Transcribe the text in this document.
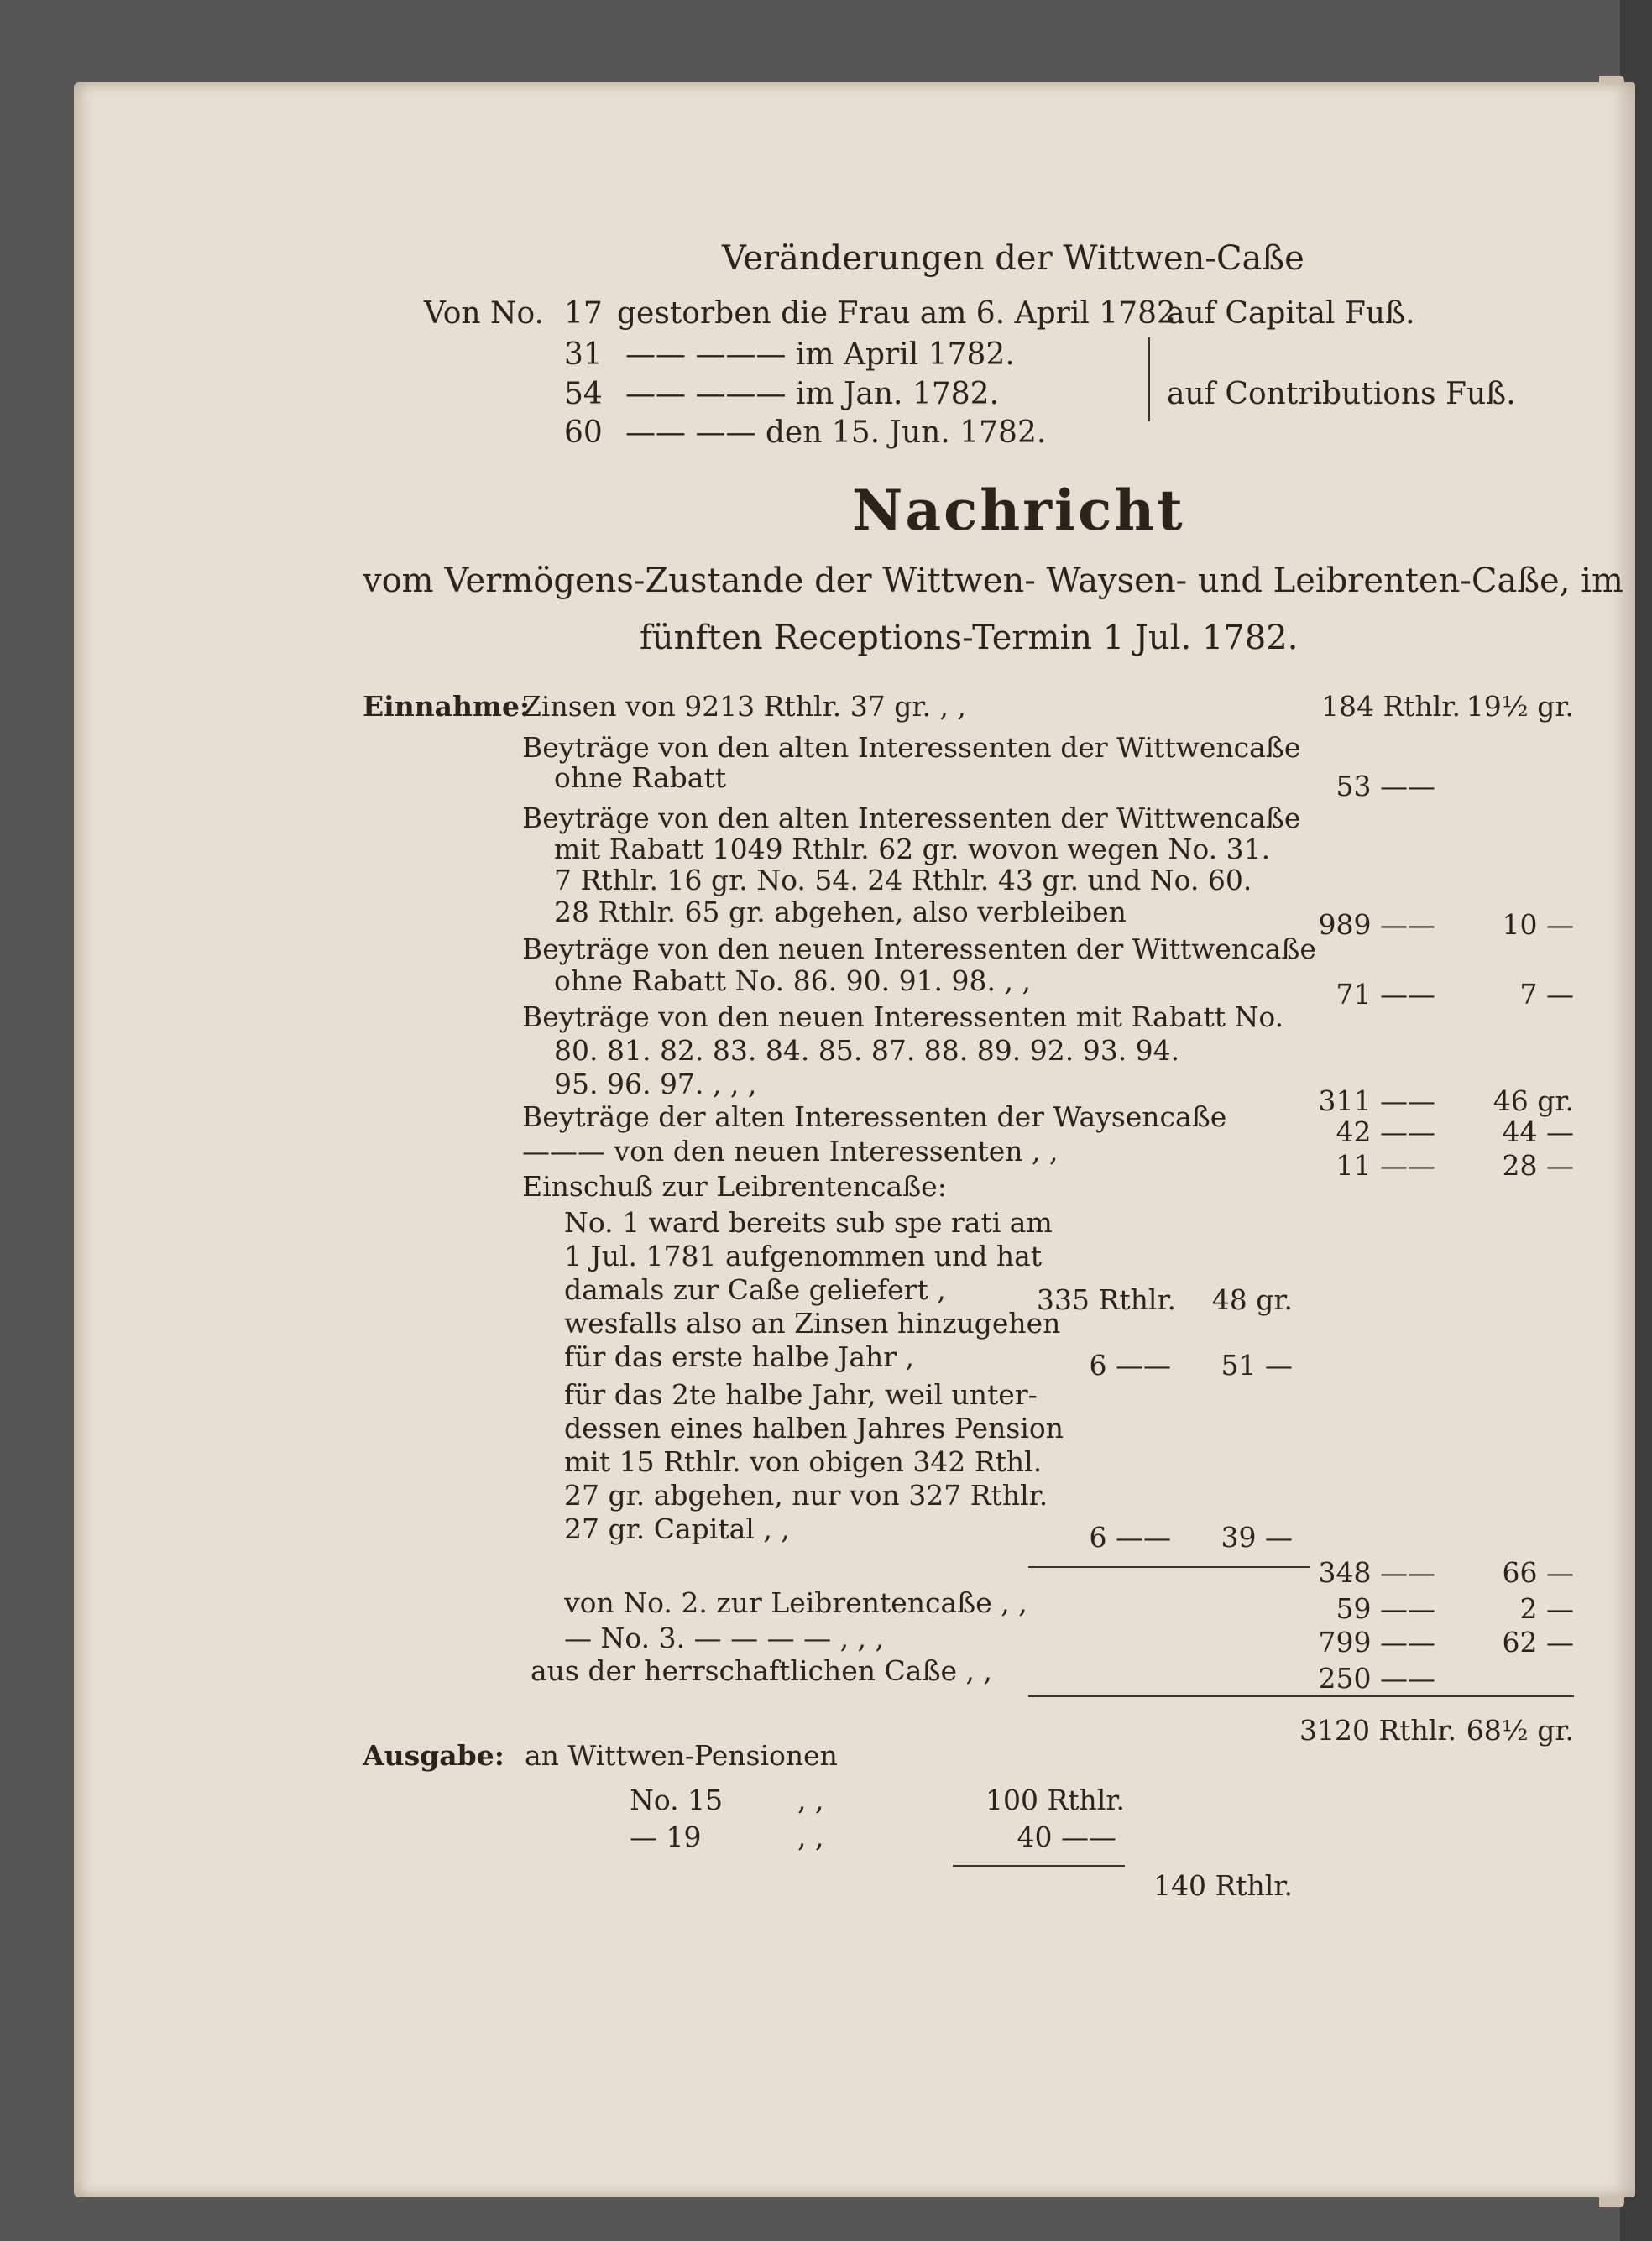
Veränderungen der Wittwen-Caße
Von No. 17 gestorben die Frau am 6. April 1782.
auf Capital Fuß.
31 —— ——— im April 1782.
54 —— ——— im Jan. 1782.	auf Contributions Fuß.
60 —— —— den 15. Jun. 1782.
Nachricht
vom Vermögens-Zustande der Wittwen- Waysen- und Leibrenten-Caße, im
fünften Receptions-Termin 1 Jul. 1782.
Einnahme:
Zinsen von 9213 Rthlr. 37 gr. , ,	184 Rthlr. 19½ gr.
Beyträge von den alten Interessenten der Wittwencaße
ohne Rabatt	53 ——
Beyträge von den alten Interessenten der Wittwencaße
mit Rabatt 1049 Rthlr. 62 gr. wovon wegen No. 31.
7 Rthlr. 16 gr. No. 54. 24 Rthlr. 43 gr. und No. 60.
28 Rthlr. 65 gr. abgehen, also verbleiben	989 ——	10 —
Beyträge von den neuen Interessenten der Wittwencaße
ohne Rabatt No. 86. 90. 91. 98. , ,	71 ——	7 —
Beyträge von den neuen Interessenten mit Rabatt No.
80. 81. 82. 83. 84. 85. 87. 88. 89. 92. 93. 94.
95. 96. 97. , , ,
311 ——	46 gr.
Beyträge der alten Interessenten der Waysencaße	42 ——	44 —
——— von den neuen Interessenten , ,	11 ——	28 —
Einschuß zur Leibrentencaße:
No. 1 ward bereits sub spe rati am
1 Jul. 1781 aufgenommen und hat
damals zur Caße geliefert ,	335 Rthlr.	48 gr.
wesfalls also an Zinsen hinzugehen
für das erste halbe Jahr ,	6 ——	51 —
für das 2te halbe Jahr, weil unter-
dessen eines halben Jahres Pension
mit 15 Rthlr. von obigen 342 Rthl.
27 gr. abgehen, nur von 327 Rthlr.
27 gr. Capital , ,	6 ——	39 —
348 ——	66 —
von No. 2. zur Leibrentencaße , ,	59 ——	2 —
— No. 3. — — — — , , ,	799 ——	62 —
aus der herrschaftlichen Caße , ,	250 ——
3120 Rthlr. 68½ gr.
Ausgabe: an Wittwen-Pensionen
No. 15	, ,	100 Rthlr.
— 19	, ,	40 ——
140 Rthlr.
